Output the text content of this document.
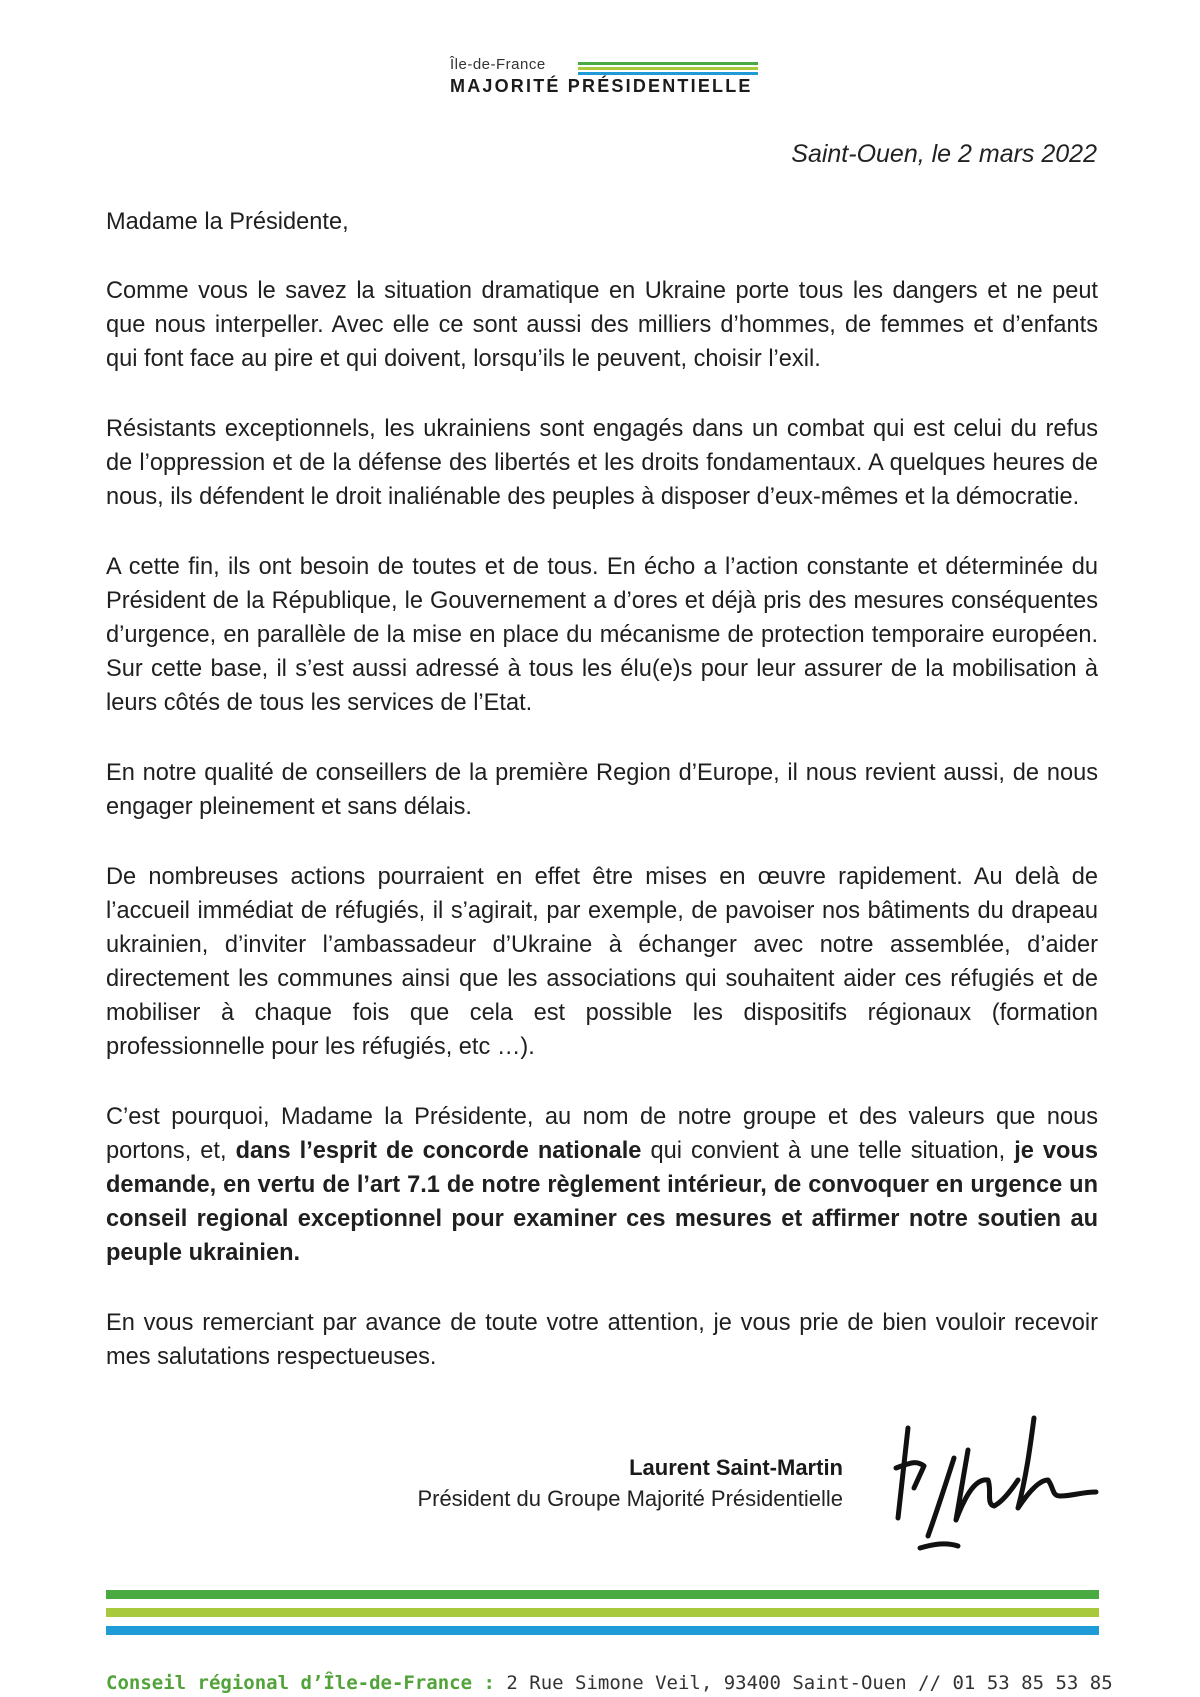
Île-de-France
MAJORITÉ PRÉSIDENTIELLE
Saint-Ouen, le 2 mars 2022

Madame la Présidente,

Comme vous le savez la situation dramatique en Ukraine porte tous les dangers et ne peut que nous interpeller. Avec elle ce sont aussi des milliers d’hommes, de femmes et d’enfants qui font face au pire et qui doivent, lorsqu’ils le peuvent, choisir l’exil.

Résistants exceptionnels, les ukrainiens sont engagés dans un combat qui est celui du refus de l’oppression et de la défense des libertés et les droits fondamentaux. A quelques heures de nous, ils défendent le droit inaliénable des peuples à disposer d’eux-mêmes et la démocratie.

A cette fin, ils ont besoin de toutes et de tous. En écho a l’action constante et déterminée du Président de la République, le Gouvernement a d’ores et déjà pris des mesures conséquentes d’urgence, en parallèle de la mise en place du mécanisme de protection temporaire européen. Sur cette base, il s’est aussi adressé à tous les élu(e)s pour leur assurer de la mobilisation à leurs côtés de tous les services de l’Etat.

En notre qualité de conseillers de la première Region d’Europe, il nous revient aussi, de nous engager pleinement et sans délais.

De nombreuses actions pourraient en effet être mises en œuvre rapidement. Au delà de l’accueil immédiat de réfugiés, il s’agirait, par exemple, de pavoiser nos bâtiments du drapeau ukrainien, d’inviter l’ambassadeur d’Ukraine à échanger avec notre assemblée, d’aider directement les communes ainsi que les associations qui souhaitent aider ces réfugiés et de mobiliser à chaque fois que cela est possible les dispositifs régionaux (formation professionnelle pour les réfugiés, etc …).

C’est pourquoi, Madame la Présidente, au nom de notre groupe et des valeurs que nous portons, et, dans l’esprit de concorde nationale qui convient à une telle situation, je vous demande, en vertu de l’art 7.1 de notre règlement intérieur, de convoquer en urgence un conseil regional exceptionnel pour examiner ces mesures et affirmer notre soutien au peuple ukrainien.

En vous remerciant par avance de toute votre attention, je vous prie de bien vouloir recevoir mes salutations respectueuses.

Laurent Saint-Martin
Président du Groupe Majorité Présidentielle
Conseil régional d’Île-de-France : 2 Rue Simone Veil, 93400 Saint-Ouen // 01 53 85 53 85
